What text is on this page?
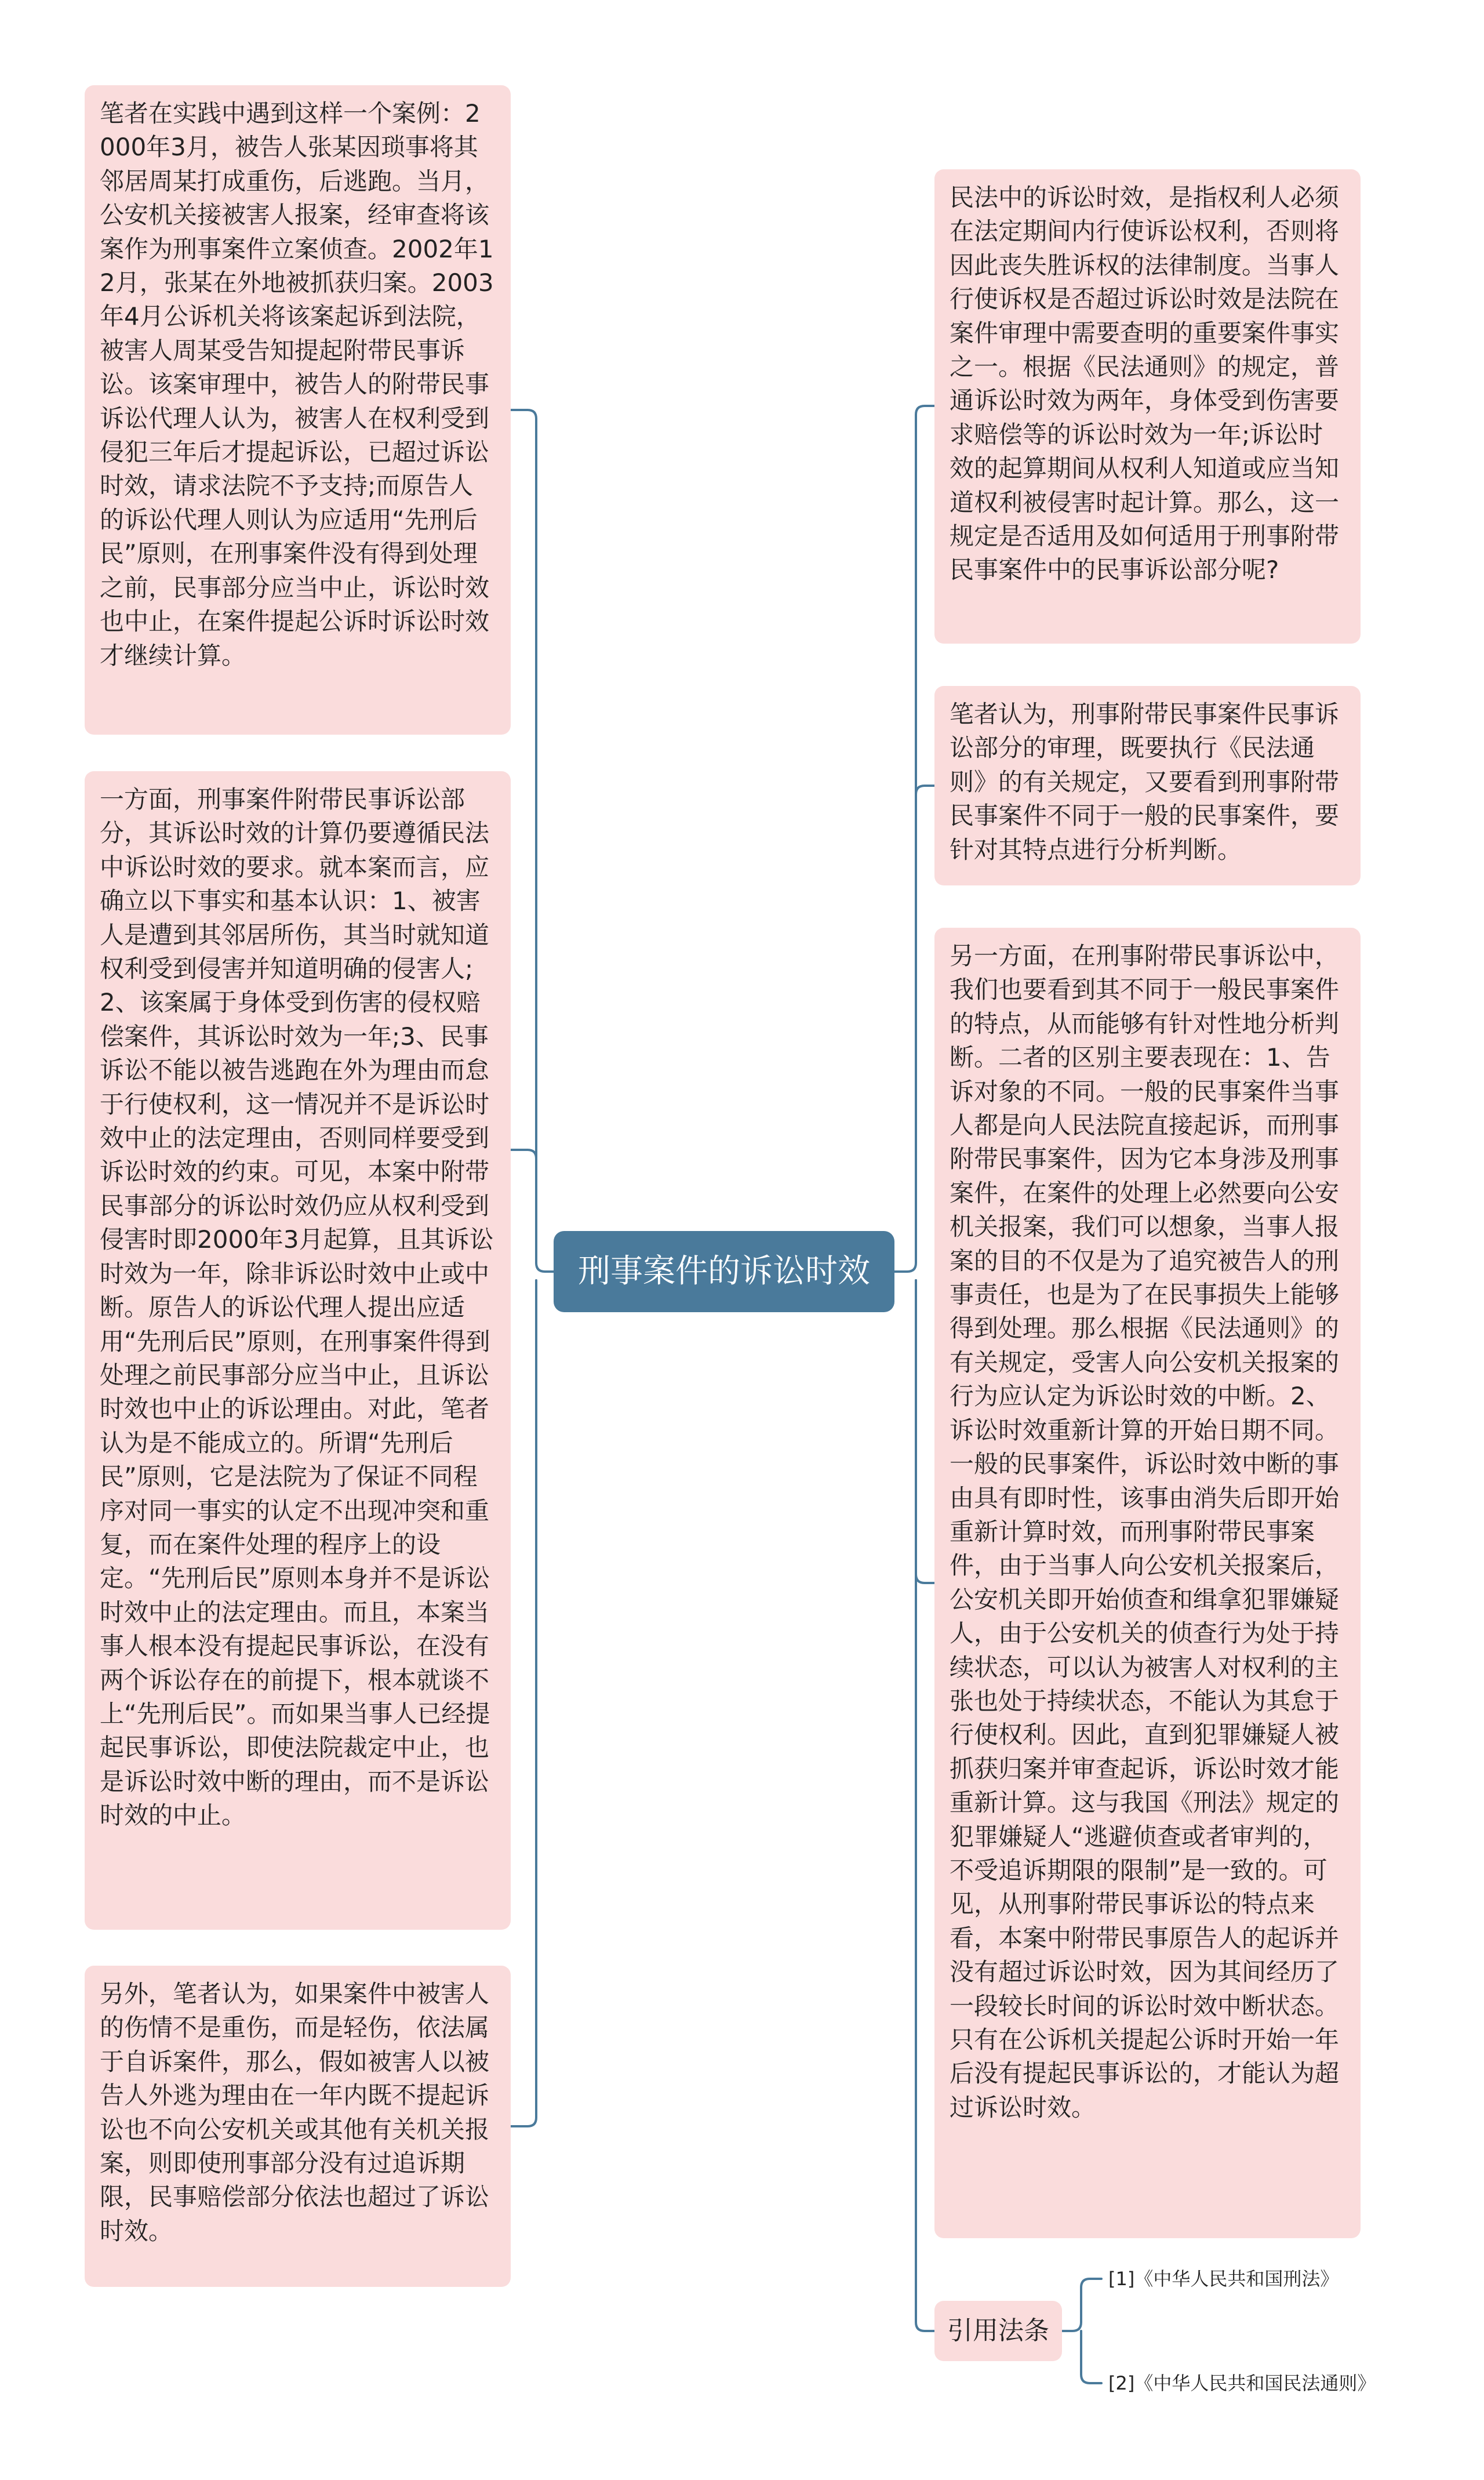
刑事案件的诉讼时效
笔者在实践中遇到这样一个案例：2000年3月，被告人张某因琐事将其邻居周某打成重伤，后逃跑。当月，公安机关接被害人报案，经审查将该案作为刑事案件立案侦查。2002年12月，张某在外地被抓获归案。2003年4月公诉机关将该案起诉到法院，被害人周某受告知提起附带民事诉讼。该案审理中，被告人的附带民事诉讼代理人认为，被害人在权利受到侵犯三年后才提起诉讼，已超过诉讼时效，请求法院不予支持;而原告人的诉讼代理人则认为应适用“先刑后民”原则，在刑事案件没有得到处理之前，民事部分应当中止，诉讼时效也中止，在案件提起公诉时诉讼时效才继续计算。
一方面，刑事案件附带民事诉讼部分，其诉讼时效的计算仍要遵循民法中诉讼时效的要求。就本案而言，应确立以下事实和基本认识：1、被害人是遭到其邻居所伤，其当时就知道权利受到侵害并知道明确的侵害人;2、该案属于身体受到伤害的侵权赔偿案件，其诉讼时效为一年;3、民事诉讼不能以被告逃跑在外为理由而怠于行使权利，这一情况并不是诉讼时效中止的法定理由，否则同样要受到诉讼时效的约束。可见，本案中附带民事部分的诉讼时效仍应从权利受到侵害时即2000年3月起算，且其诉讼时效为一年，除非诉讼时效中止或中断。原告人的诉讼代理人提出应适用“先刑后民”原则，在刑事案件得到处理之前民事部分应当中止，且诉讼时效也中止的诉讼理由。对此，笔者认为是不能成立的。所谓“先刑后民”原则，它是法院为了保证不同程序对同一事实的认定不出现冲突和重复，而在案件处理的程序上的设定。“先刑后民”原则本身并不是诉讼时效中止的法定理由。而且，本案当事人根本没有提起民事诉讼，在没有两个诉讼存在的前提下，根本就谈不上“先刑后民”。而如果当事人已经提起民事诉讼，即使法院裁定中止，也是诉讼时效中断的理由，而不是诉讼时效的中止。
另外，笔者认为，如果案件中被害人的伤情不是重伤，而是轻伤，依法属于自诉案件，那么，假如被害人以被告人外逃为理由在一年内既不提起诉讼也不向公安机关或其他有关机关报案，则即使刑事部分没有过追诉期限，民事赔偿部分依法也超过了诉讼时效。
民法中的诉讼时效，是指权利人必须在法定期间内行使诉讼权利，否则将因此丧失胜诉权的法律制度。当事人行使诉权是否超过诉讼时效是法院在案件审理中需要查明的重要案件事实之一。根据《民法通则》的规定，普通诉讼时效为两年，身体受到伤害要求赔偿等的诉讼时效为一年;诉讼时效的起算期间从权利人知道或应当知道权利被侵害时起计算。那么，这一规定是否适用及如何适用于刑事附带民事案件中的民事诉讼部分呢?
笔者认为，刑事附带民事案件民事诉讼部分的审理，既要执行《民法通则》的有关规定，又要看到刑事附带民事案件不同于一般的民事案件，要针对其特点进行分析判断。
另一方面，在刑事附带民事诉讼中，我们也要看到其不同于一般民事案件的特点，从而能够有针对性地分析判断。二者的区别主要表现在：1、告诉对象的不同。一般的民事案件当事人都是向人民法院直接起诉，而刑事附带民事案件，因为它本身涉及刑事案件，在案件的处理上必然要向公安机关报案，我们可以想象，当事人报案的目的不仅是为了追究被告人的刑事责任，也是为了在民事损失上能够得到处理。那么根据《民法通则》的有关规定，受害人向公安机关报案的行为应认定为诉讼时效的中断。2、诉讼时效重新计算的开始日期不同。一般的民事案件，诉讼时效中断的事由具有即时性，该事由消失后即开始重新计算时效，而刑事附带民事案件，由于当事人向公安机关报案后，公安机关即开始侦查和缉拿犯罪嫌疑人，由于公安机关的侦查行为处于持续状态，可以认为被害人对权利的主张也处于持续状态，不能认为其怠于行使权利。因此，直到犯罪嫌疑人被抓获归案并审查起诉，诉讼时效才能重新计算。这与我国《刑法》规定的犯罪嫌疑人“逃避侦查或者审判的，不受追诉期限的限制”是一致的。可见，从刑事附带民事诉讼的特点来看，本案中附带民事原告人的起诉并没有超过诉讼时效，因为其间经历了一段较长时间的诉讼时效中断状态。只有在公诉机关提起公诉时开始一年后没有提起民事诉讼的，才能认为超过诉讼时效。
引用法条
[1]《中华人民共和国刑法》
[2]《中华人民共和国民法通则》
